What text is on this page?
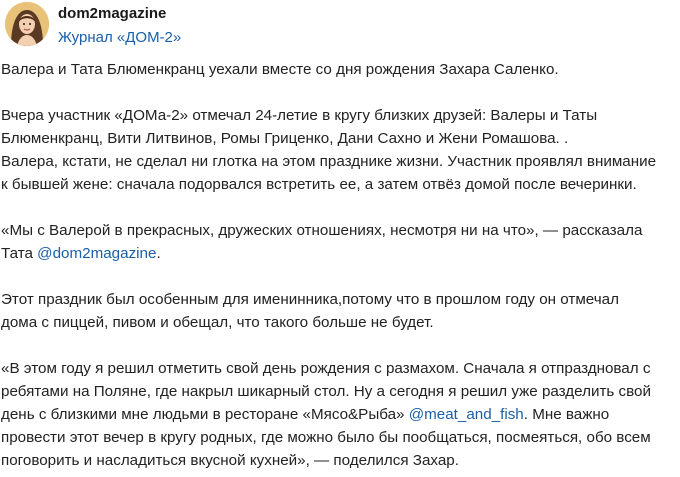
dom2magazine
Журнал «ДОМ-2»

Валера и Тата Блюменкранц уехали вместе со дня рождения Захара Саленко.

Вчера участник «ДОМа-2» отмечал 24-летие в кругу близких друзей: Валеры и Таты
Блюменкранц, Вити Литвинов, Ромы Гриценко, Дани Сахно и Жени Ромашова. .

Валера, кстати, не сделал ни глотка на этом празднике жизни. Участник проявлял внимание
к бывшей жене: сначала подорвался встретить ее, а затем отвёз домой после вечеринки.

«Мы с Валерой в прекрасных, дружеских отношениях, несмотря ни на что», — рассказала
Тата @dom2magazine.

Этот праздник был особенным для именинника,потому что в прошлом году он отмечал
дома с пиццей, пивом и обещал, что такого больше не будет.

«В этом году я решил отметить свой день рождения с размахом. Сначала я отпраздновал с
ребятами на Поляне, где накрыл шикарный стол. Ну а сегодня я решил уже разделить свой
день с близкими мне людьми в ресторане «Мясо&Рыба» @meat_and_fish. Мне важно
провести этот вечер в кругу родных, где можно было бы пообщаться, посмеяться, обо всем
поговорить и насладиться вкусной кухней», — поделился Захар.
